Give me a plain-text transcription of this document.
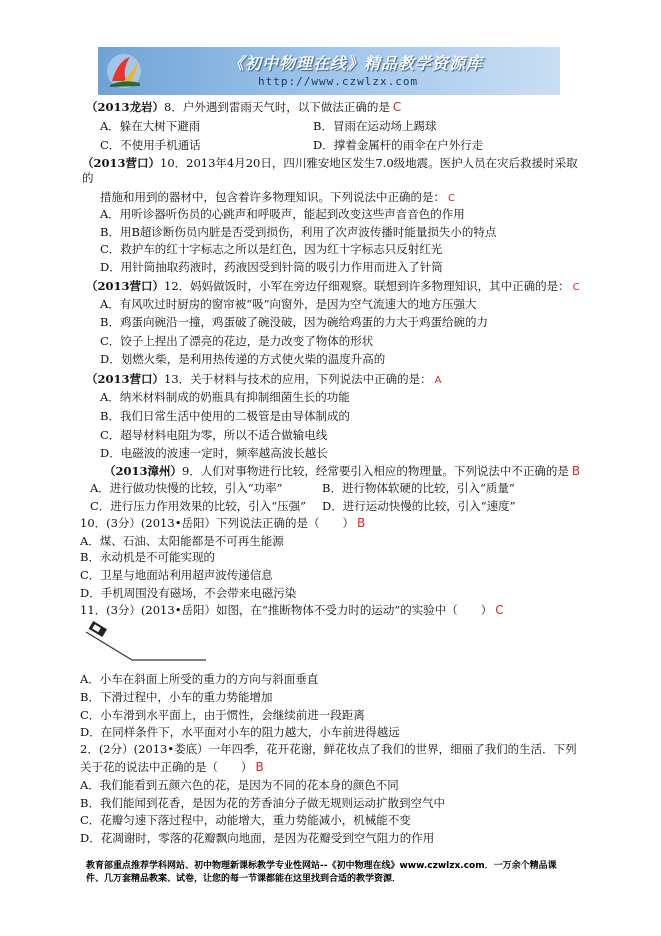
《初中物理在线》精品教学资源库
http://www.czwlzx.com
（2013龙岩）8．户外遇到雷雨天气时，以下做法正确的是 C
A．躲在大树下避雨	B．冒雨在运动场上踢球
C．不使用手机通话	D．撑着金属杆的雨伞在户外行走
（2013营口）10．2013年4月20日，四川雅安地区发生7.0级地震。医护人员在灾后救援时采取
的
措施和用到的器材中，包含着许多物理知识。下列说法中正确的是： C
A．用听诊器听伤员的心跳声和呼吸声，能起到改变这些声音音色的作用
B．用B超诊断伤员内脏是否受到损伤，利用了次声波传播时能量损失小的特点
C．救护车的红十字标志之所以是红色，因为红十字标志只反射红光
D．用针筒抽取药液时，药液因受到针筒的吸引力作用而进入了针筒
（2013营口）12．妈妈做饭时，小军在旁边仔细观察。联想到许多物理知识，其中正确的是： C
A．有风吹过时厨房的窗帘被“吸”向窗外，是因为空气流速大的地方压强大
B．鸡蛋向碗沿一撞，鸡蛋破了碗没破，因为碗给鸡蛋的力大于鸡蛋给碗的力
C．饺子上捏出了漂亮的花边，是力改变了物体的形状
D．划燃火柴，是利用热传递的方式使火柴的温度升高的
（2013营口）13．关于材料与技术的应用，下列说法中正确的是： A
A．纳米材料制成的奶瓶具有抑制细菌生长的功能
B．我们日常生活中使用的二极管是由导体制成的
C．超导材料电阻为零，所以不适合做输电线
D．电磁波的波速一定时，频率越高波长越长
（2013漳州）9．人们对事物进行比较，经常要引入相应的物理量。下列说法中不正确的是 B
A．进行做功快慢的比较，引入“功率”	B．进行物体软硬的比较，引入“质量”
C．进行压力作用效果的比较，引入“压强” D．进行运动快慢的比较，引入“速度”
10．(3分）(2013•岳阳）下列说法正确的是（　　） B
A．煤、石油、太阳能都是不可再生能源
B．永动机是不可能实现的
C．卫星与地面站利用超声波传递信息
D．手机周围没有磁场，不会带来电磁污染
11．(3分）(2013•岳阳）如图，在“推断物体不受力时的运动”的实验中（　　） C
A．小车在斜面上所受的重力的方向与斜面垂直
B．下滑过程中，小车的重力势能增加
C．小车滑到水平面上，由于惯性，会继续前进一段距离
D．在同样条件下，水平面对小车的阻力越大，小车前进得越远
2．(2分）(2013•娄底）一年四季，花开花谢，鲜花妆点了我们的世界，细丽了我们的生活．下列
关于花的说法中正确的是（　　） B
A．我们能看到五颜六色的花，是因为不同的花本身的颜色不同
B．我们能闻到花香，是因为花的芳香油分子做无规则运动扩散到空气中
C．花瓣匀速下落过程中，动能增大，重力势能减小，机械能不变
D．花凋谢时，零落的花瓣飘向地面，是因为花瓣受到空气阻力的作用
教育部重点推荐学科网站、初中物理新课标教学专业性网站--《初中物理在线》www.czwlzx.com．一万余个精品课
件、几万套精品教案、试卷，让您的每一节课都能在这里找到合适的教学资源．
